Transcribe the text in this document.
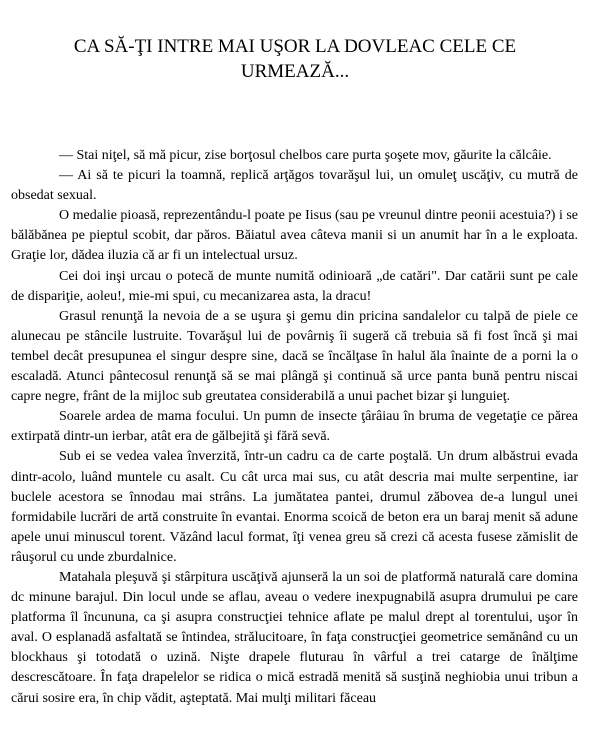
CA SĂ-ŢI INTRE MAI UŞOR LA DOVLEAC CELE CE URMEAZĂ...

— Stai niţel, să mă picur, zise borţosul chelbos care purta şoşete mov, găurite la călcâie.

— Ai să te picuri la toamnă, replică arţăgos tovarăşul lui, un omuleţ uscăţiv, cu mutră de obsedat sexual.

O medalie pioasă, reprezentându-l poate pe Iisus (sau pe vreunul dintre peonii acestuia?) i se bălăbănea pe pieptul scobit, dar păros. Băiatul avea câteva manii si un anumit har în a le exploata. Graţie lor, dădea iluzia că ar fi un intelectual ursuz.

Cei doi inşi urcau o potecă de munte numită odinioară „de catări". Dar catării sunt pe cale de dispariţie, aoleu!, mie-mi spui, cu mecanizarea asta, la dracu!

Grasul renunţă la nevoia de a se uşura şi gemu din pricina sandalelor cu talpă de piele ce alunecau pe stâncile lustruite. Tovarăşul lui de povârniş îi sugeră că trebuia să fi fost încă şi mai tembel decât presupunea el singur despre sine, dacă se încălţase în halul ăla înainte de a porni la o escaladă. Atunci pântecosul renunţă să se mai plângă şi continuă să urce panta bună pentru niscai capre negre, frânt de la mijloc sub greutatea considerabilă a unui pachet bizar şi lunguieţ.

Soarele ardea de mama focului. Un pumn de insecte ţârâiau în bruma de vegetaţie ce părea extirpată dintr-un ierbar, atât era de gălbejită şi fără sevă.

Sub ei se vedea valea înverzită, într-un cadru ca de carte poştală. Un drum albăstrui evada dintr-acolo, luând muntele cu asalt. Cu cât urca mai sus, cu atât descria mai multe serpentine, iar buclele acestora se înnodau mai strâns. La jumătatea pantei, drumul zăbovea de-a lungul unei formidabile lucrări de artă construite în evantai. Enorma scoică de beton era un baraj menit să adune apele unui minuscul torent. Văzând lacul format, îţi venea greu să crezi că acesta fusese zămislit de râuşorul cu unde zburdalnice.

Matahala pleşuvă şi stârpitura uscăţivă ajunseră la un soi de platformă naturală care domina dc minune barajul. Din locul unde se aflau, aveau o vedere inexpugnabilă asupra drumului pe care platforma îl încununa, ca şi asupra construcţiei tehnice aflate pe malul drept al torentului, uşor în aval. O esplanadă asfaltată se întindea, strălucitoare, în faţa construcţiei geometrice semănând cu un blockhaus şi totodată o uzină. Nişte drapele fluturau în vârful a trei catarge de înălţime descrescătoare. În faţa drapelelor se ridica o mică estradă menită să susţină neghiobia unui tribun a cărui sosire era, în chip vădit, aşteptată. Mai mulţi militari făceau
